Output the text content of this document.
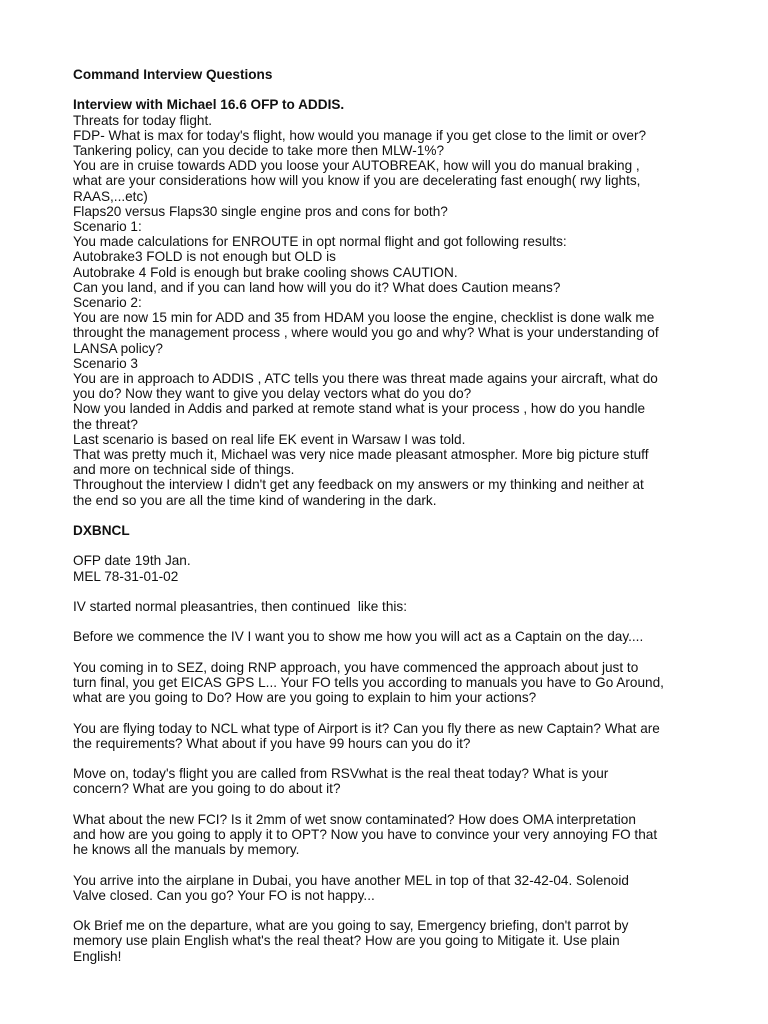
Command Interview Questions
Interview with Michael 16.6 OFP to ADDIS.
Threats for today flight.
FDP- What is max for today's flight, how would you manage if you get close to the limit or over?
Tankering policy, can you decide to take more then MLW-1%?
You are in cruise towards ADD you loose your AUTOBREAK, how will you do manual braking ,
what are your considerations how will you know if you are decelerating fast enough( rwy lights,
RAAS,...etc)
Flaps20 versus Flaps30 single engine pros and cons for both?
Scenario 1:
You made calculations for ENROUTE in opt normal flight and got following results:
Autobrake3 FOLD is not enough but OLD is
Autobrake 4 Fold is enough but brake cooling shows CAUTION.
Can you land, and if you can land how will you do it? What does Caution means?
Scenario 2:
You are now 15 min for ADD and 35 from HDAM you loose the engine, checklist is done walk me
throught the management process , where would you go and why? What is your understanding of
LANSA policy?
Scenario 3
You are in approach to ADDIS , ATC tells you there was threat made agains your aircraft, what do
you do? Now they want to give you delay vectors what do you do?
Now you landed in Addis and parked at remote stand what is your process , how do you handle
the threat?
Last scenario is based on real life EK event in Warsaw I was told.
That was pretty much it, Michael was very nice made pleasant atmospher. More big picture stuff
and more on technical side of things.
Throughout the interview I didn't get any feedback on my answers or my thinking and neither at
the end so you are all the time kind of wandering in the dark.
DXBNCL
OFP date 19th Jan.
MEL 78-31-01-02
IV started normal pleasantries, then continued  like this:
Before we commence the IV I want you to show me how you will act as a Captain on the day....
You coming in to SEZ, doing RNP approach, you have commenced the approach about just to
turn final, you get EICAS GPS L... Your FO tells you according to manuals you have to Go Around,
what are you going to Do? How are you going to explain to him your actions?
You are flying today to NCL what type of Airport is it? Can you fly there as new Captain? What are
the requirements? What about if you have 99 hours can you do it?
Move on, today's flight you are called from RSVwhat is the real theat today? What is your
concern? What are you going to do about it?
What about the new FCI? Is it 2mm of wet snow contaminated? How does OMA interpretation
and how are you going to apply it to OPT? Now you have to convince your very annoying FO that
he knows all the manuals by memory.
You arrive into the airplane in Dubai, you have another MEL in top of that 32-42-04. Solenoid
Valve closed. Can you go? Your FO is not happy...
Ok Brief me on the departure, what are you going to say, Emergency briefing, don't parrot by
memory use plain English what's the real theat? How are you going to Mitigate it. Use plain
English!
